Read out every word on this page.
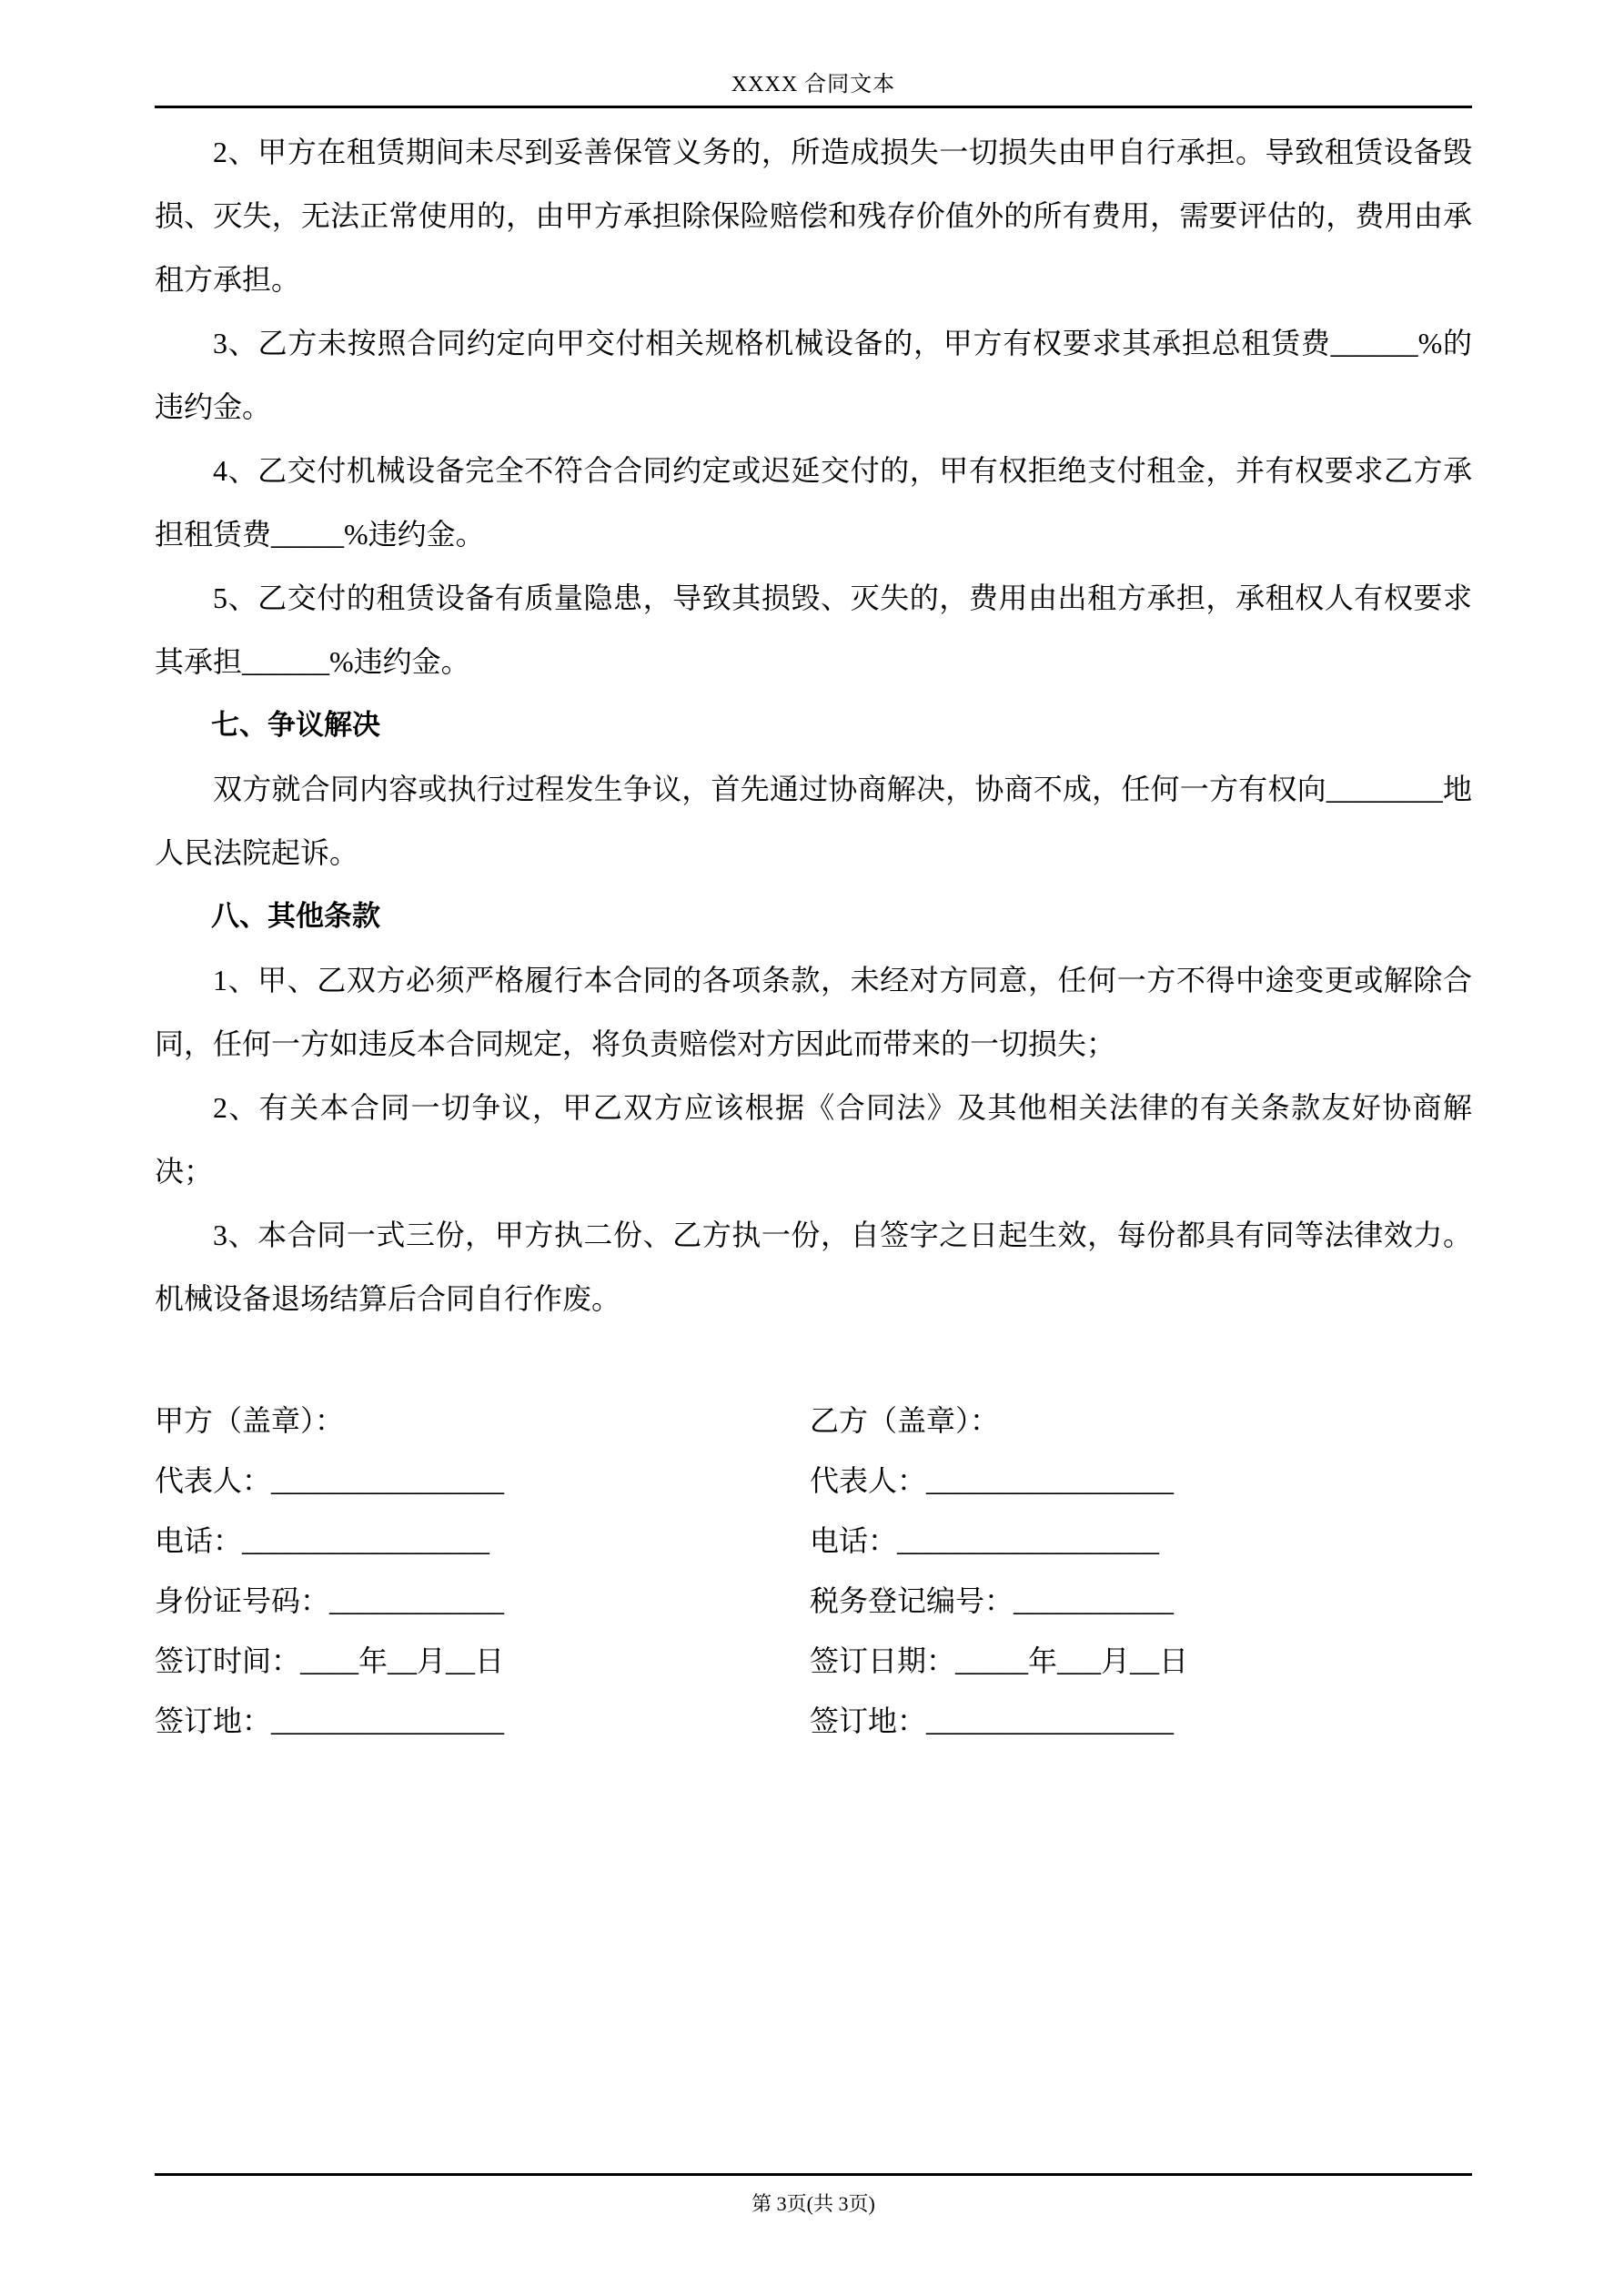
XXXX 合同文本

2、甲方在租赁期间未尽到妥善保管义务的，所造成损失一切损失由甲自行承担。导致租赁设备毁损、灭失，无法正常使用的，由甲方承担除保险赔偿和残存价值外的所有费用，需要评估的，费用由承租方承担。

3、乙方未按照合同约定向甲交付相关规格机械设备的，甲方有权要求其承担总租赁费______%的违约金。

4、乙交付机械设备完全不符合合同约定或迟延交付的，甲有权拒绝支付租金，并有权要求乙方承担租赁费_____%违约金。

5、乙交付的租赁设备有质量隐患，导致其损毁、灭失的，费用由出租方承担，承租权人有权要求其承担______%违约金。

七、争议解决

双方就合同内容或执行过程发生争议，首先通过协商解决，协商不成，任何一方有权向________地人民法院起诉。

八、其他条款

1、甲、乙双方必须严格履行本合同的各项条款，未经对方同意，任何一方不得中途变更或解除合同，任何一方如违反本合同规定，将负责赔偿对方因此而带来的一切损失；

2、有关本合同一切争议，甲乙双方应该根据《合同法》及其他相关法律的有关条款友好协商解决；

3、本合同一式三份，甲方执二份、乙方执一份，自签字之日起生效，每份都具有同等法律效力。机械设备退场结算后合同自行作废。

甲方（盖章）：

代表人：________________

电话：_________________

身份证号码：____________

签订时间：____年__月__日

签订地：________________

乙方（盖章）：

代表人：_________________

电话：__________________

税务登记编号：___________

签订日期：_____年___月__日

签订地：_________________

第 3页(共 3页)
